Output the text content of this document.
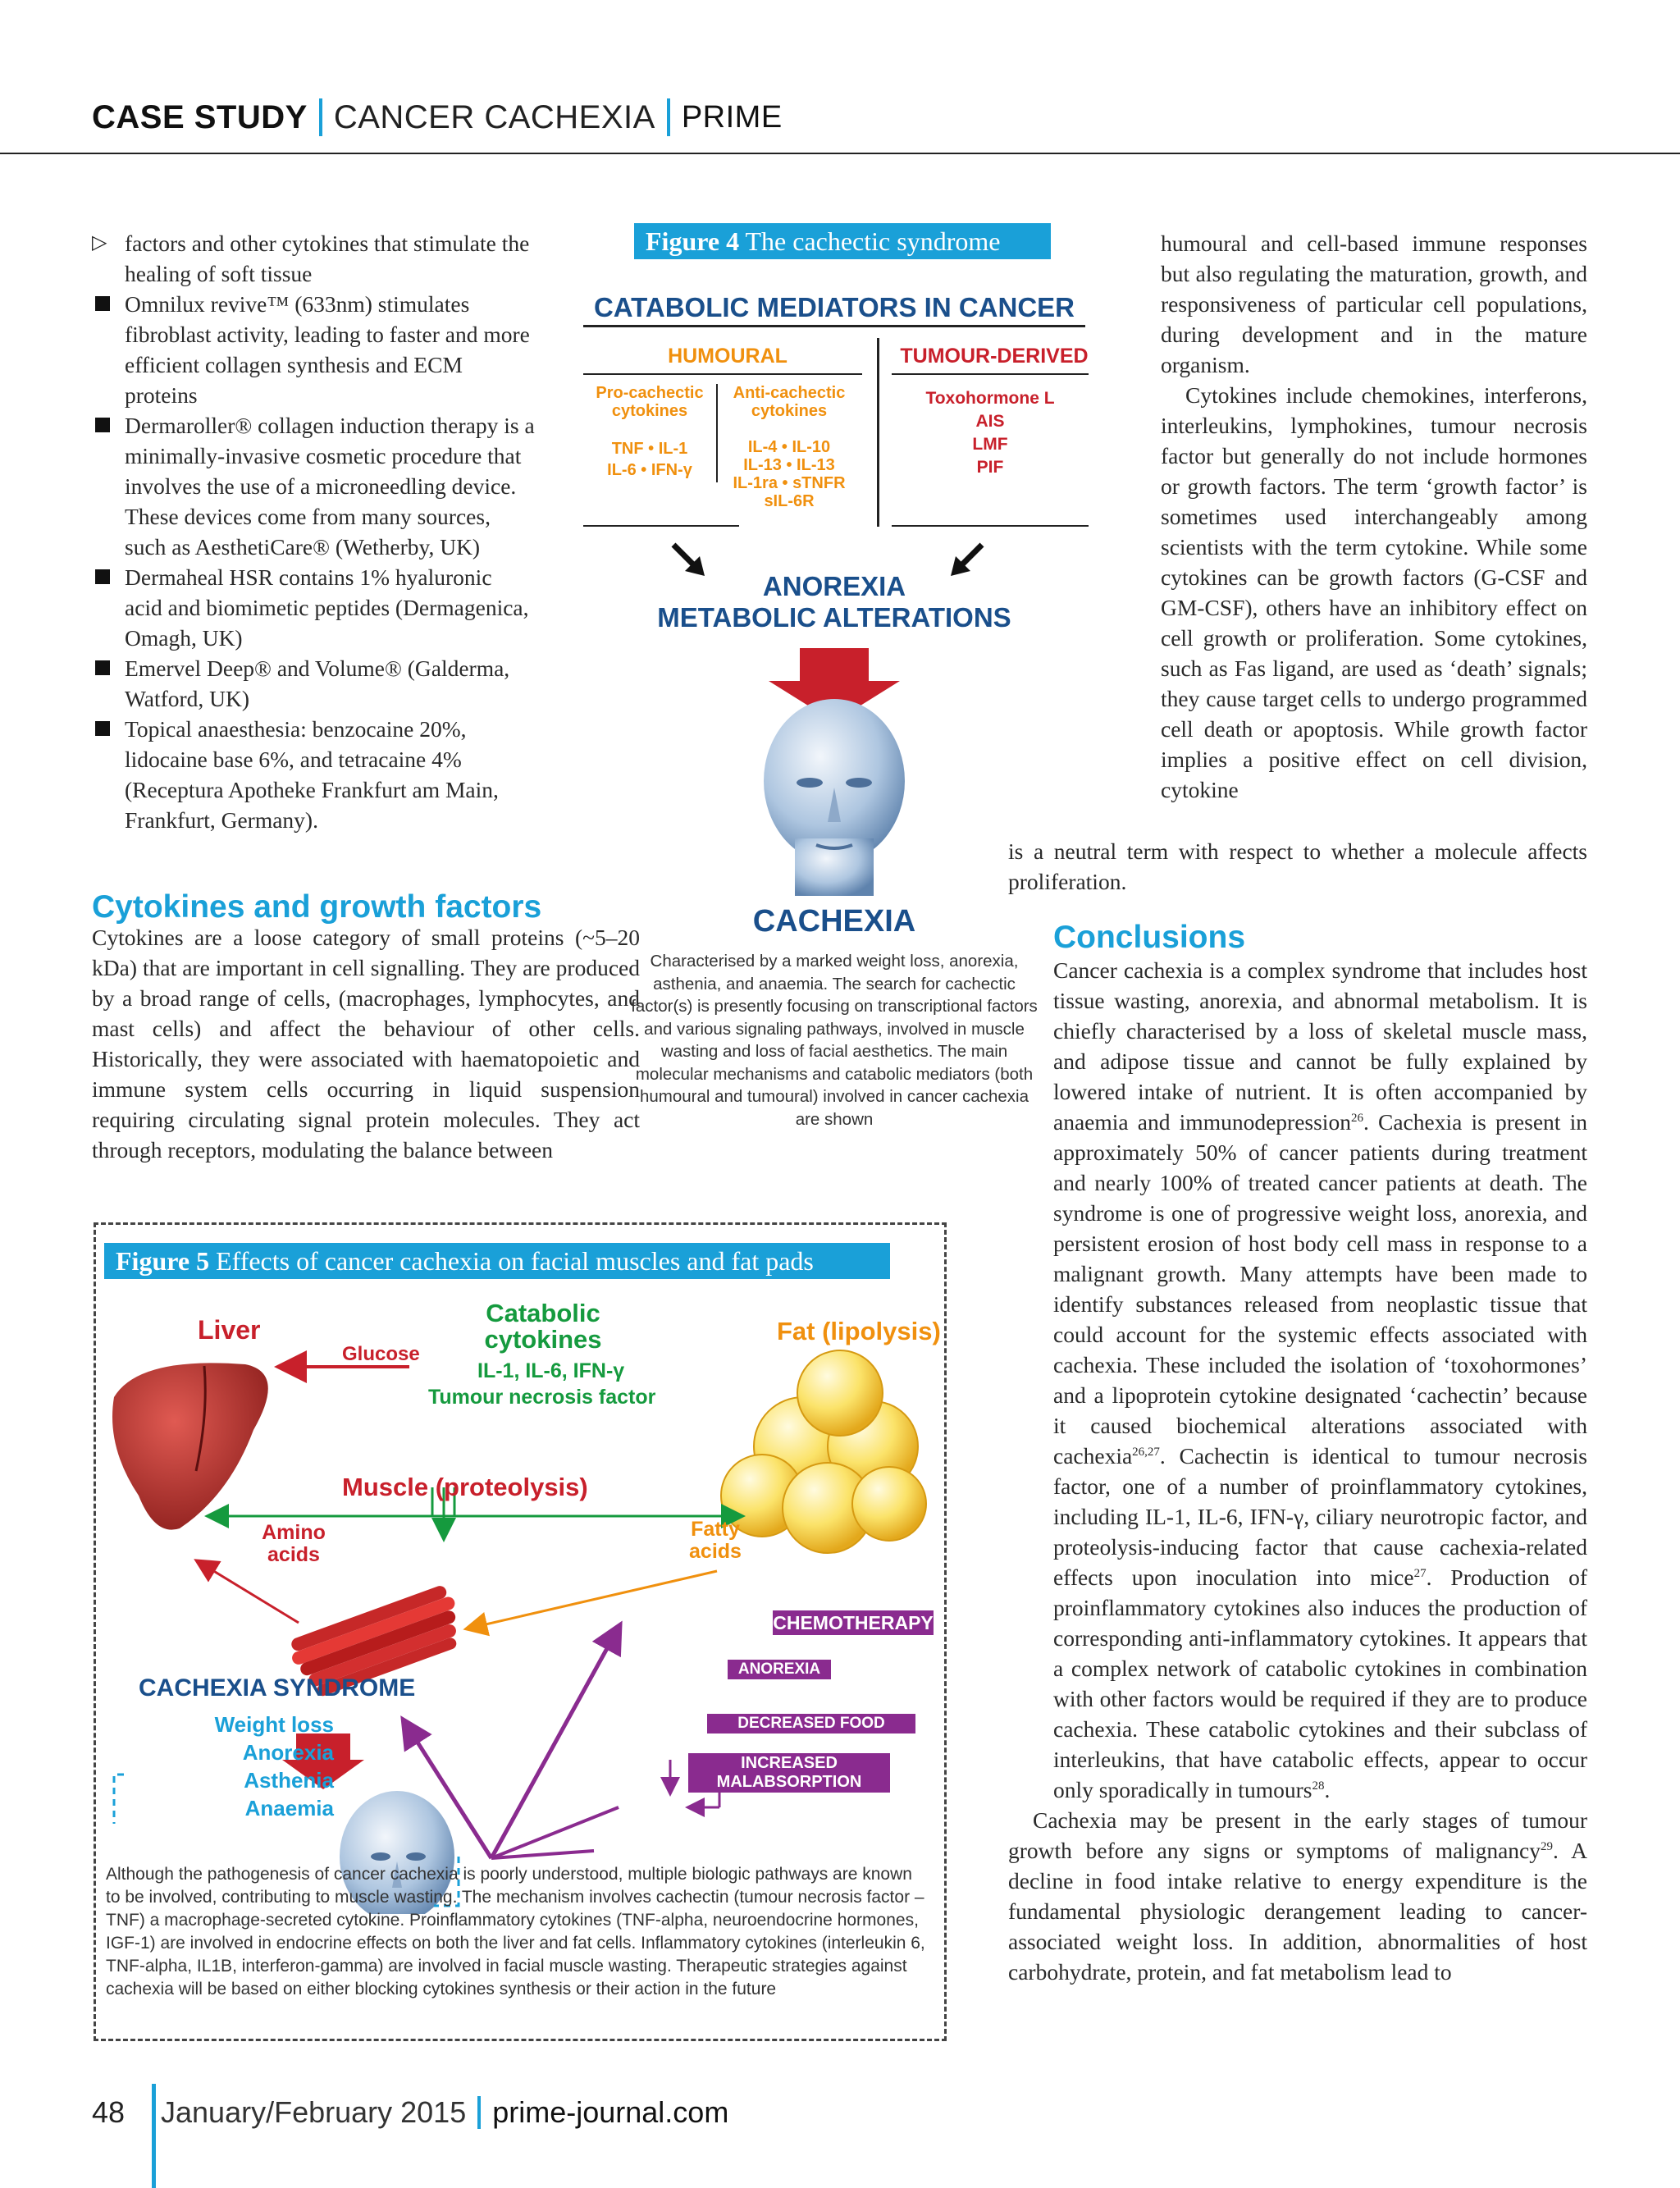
CASE STUDY CANCER CACHEXIA PRIME
▷ factors and other cytokines that stimulate the healing of soft tissue
Omnilux revive™ (633nm) stimulates fibroblast activity, leading to faster and more efficient collagen synthesis and ECM proteins
Dermaroller® collagen induction therapy is a minimally-invasive cosmetic procedure that involves the use of a microneedling device. These devices come from many sources, such as AesthetiCare® (Wetherby, UK)
Dermaheal HSR contains 1% hyaluronic acid and biomimetic peptides (Dermagenica, Omagh, UK)
Emervel Deep® and Volume® (Galderma, Watford, UK)
Topical anaesthesia: benzocaine 20%, lidocaine base 6%, and tetracaine 4% (Receptura Apotheke Frankfurt am Main, Frankfurt, Germany).
Cytokines and growth factors

Cytokines are a loose category of small proteins (~5–20 kDa) that are important in cell signalling. They are produced by a broad range of cells, (macrophages, lymphocytes, and mast cells) and affect the behaviour of other cells. Historically, they were associated with haematopoietic and immune system cells occurring in liquid suspension requiring circulating signal protein molecules. They act through receptors, modulating the balance between

Figure 4 The cachectic syndrome
CATABOLIC MEDIATORS IN CANCER
HUMOURAL	TUMOUR-DERIVED
Pro-cachectic cytokines
TNF • IL-1
IL-6 • IFN-γ
Anti-cachectic cytokines
IL-4 • IL-10
IL-13 • IL-13
IL-1ra • sTNFR
sIL-6R
Toxohormone L
AIS
LMF
PIF
ANOREXIA
METABOLIC ALTERATIONS
CACHEXIA
Characterised by a marked weight loss, anorexia, asthenia, and anaemia. The search for cachectic factor(s) is presently focusing on transcriptional factors and various signaling pathways, involved in muscle wasting and loss of facial aesthetics. The main molecular mechanisms and catabolic mediators (both humoural and tumoural) involved in cancer cachexia are shown

humoural and cell-based immune responses but also regulating the maturation, growth, and responsiveness of particular cell populations, during development and in the mature organism.

Cytokines include chemokines, interferons, interleukins, lymphokines, tumour necrosis factor but generally do not include hormones or growth factors. The term ‘growth factor’ is sometimes used interchangeably among scientists with the term cytokine. While some cytokines can be growth factors (G-CSF and GM-CSF), others have an inhibitory effect on cell growth or proliferation. Some cytokines, such as Fas ligand, are used as ‘death’ signals; they cause target cells to undergo programmed cell death or apoptosis. While growth factor implies a positive effect on cell division, cytokine

is a neutral term with respect to whether a molecule affects proliferation.

Conclusions

Cancer cachexia is a complex syndrome that includes host tissue wasting, anorexia, and abnormal metabolism. It is chiefly characterised by a loss of skeletal muscle mass, and adipose tissue and cannot be fully explained by lowered intake of nutrient. It is often accompanied by anaemia and immunodepression$^{26}$. Cachexia is present in approximately 50% of cancer patients during treatment and nearly 100% of treated cancer patients at death. The syndrome is one of progressive weight loss, anorexia, and persistent erosion of host body cell mass in response to a malignant growth. Many attempts have been made to identify substances released from neoplastic tissue that could account for the systemic effects associated with cachexia. These included the isolation of ‘toxohormones’ and a lipoprotein cytokine designated ‘cachectin’ because it caused biochemical alterations associated with cachexia$^{26,27}$. Cachectin is identical to tumour necrosis factor, one of a number of proinflammatory cytokines, including IL-1, IL-6, IFN-γ, ciliary neurotropic factor, and proteolysis-inducing factor that cause cachexia-related effects upon inoculation into mice$^{27}$. Production of proinflammatory cytokines also induces the production of corresponding anti-inflammatory cytokines. It appears that a complex network of catabolic cytokines in combination with other factors would be required if they are to produce cachexia. These catabolic cytokines and their subclass of interleukins, that have catabolic effects, appear to occur only sporadically in tumours$^{28}$.

Cachexia may be present in the early stages of tumour growth before any signs or symptoms of malignancy$^{29}$. A decline in food intake relative to energy expenditure is the fundamental physiologic derangement leading to cancer-associated weight loss. In addition, abnormalities of host carbohydrate, protein, and fat metabolism lead to

Figure 5 Effects of cancer cachexia on facial muscles and fat pads
Liver
Glucose
Catabolic cytokines
IL-1, IL-6, IFN-γ
Tumour necrosis factor
Fat (lipolysis)
Muscle (proteolysis)
Amino acids
Fatty acids
CHEMOTHERAPY
ANOREXIA
DECREASED FOOD INTAKE
INCREASED MALABSORPTION
CACHEXIA SYNDROME
Weight loss
Anorexia
Asthenia
Anaemia
Although the pathogenesis of cancer cachexia is poorly understood, multiple biologic pathways are known to be involved, contributing to muscle wasting. The mechanism involves cachectin (tumour necrosis factor – TNF) a macrophage-secreted cytokine. Proinflammatory cytokines (TNF-alpha, neuroendocrine hormones, IGF-1) are involved in endocrine effects on both the liver and fat cells. Inflammatory cytokines (interleukin 6, TNF-alpha, IL1B, interferon-gamma) are involved in facial muscle wasting. Therapeutic strategies against cachexia will be based on either blocking cytokines synthesis or their action in the future
48	January/February 2015 prime-journal.com
